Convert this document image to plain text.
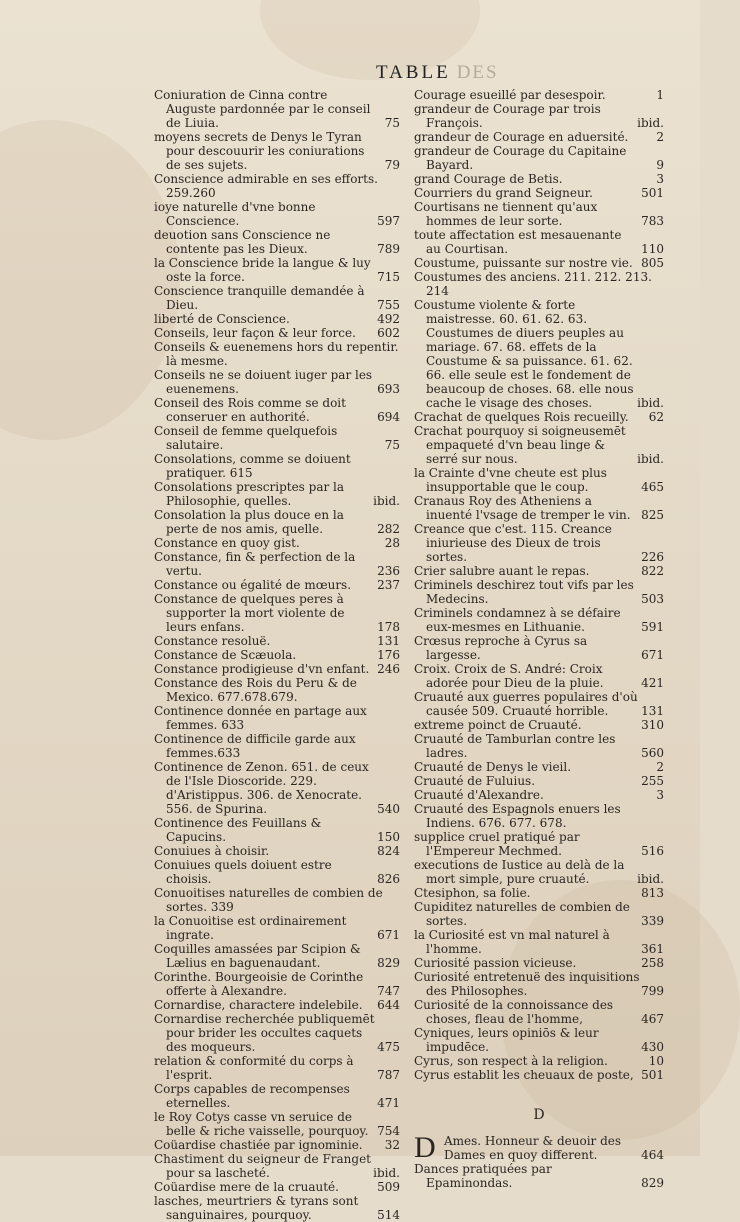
TABLE DES
Coniuration de Cinna contre Auguste pardonnée par le conseil de Liuia.	75
moyens secrets de Denys le Tyran pour descouurir les coniurations de ses sujets.	79
Conscience admirable en ses efforts. 259.260
ioye naturelle d'vne bonne Conscience.	597
deuotion sans Conscience ne contente pas les Dieux.	789
la Conscience bride la langue & luy oste la force.	715
Conscience tranquille demandée à Dieu.	755
liberté de Conscience.	492
Conseils, leur façon & leur force. 602
Conseils & euenemens hors du repentir. là mesme.
Conseils ne se doiuent iuger par les euenemens.	693
Conseil des Rois comme se doit conseruer en authorité.	694
Conseil de femme quelquefois salutaire.	75
Consolations, comme se doiuent pratiquer. 615
Consolations prescriptes par la Philosophie, quelles.	ibid.
Consolation la plus douce en la perte de nos amis, quelle.	282
Constance en quoy gist.	28
Constance, fin & perfection de la vertu.	236
Constance ou égalité de mœurs. 237
Constance de quelques peres à supporter la mort violente de leurs enfans.	178
Constance resoluë.	131
Constance de Scæuola.	176
Constance prodigieuse d'vn enfant. 246
Constance des Rois du Peru & de Mexico. 677.678.679.
Continence donnée en partage aux femmes. 633
Continence de difficile garde aux femmes.633
Continence de Zenon. 651. de ceux de l'Isle Dioscoride. 229. d'Aristippus. 306. de Xenocrate. 556. de Spurina.	540
Continence des Feuillans & Capucins.	150
Conuiues à choisir.	824
Conuiues quels doiuent estre choisis.	826
Conuoitises naturelles de combien de sortes. 339
la Conuoitise est ordinairement ingrate.	671
Coquilles amassées par Scipion & Lælius en baguenaudant.	829
Corinthe. Bourgeoisie de Corinthe offerte à Alexandre.	747
Cornardise, charactere indelebile. 644
Cornardise recherchée publiquemēt pour brider les occultes caquets des moqueurs.	475
relation & conformité du corps à l'esprit.	787
Corps capables de recompenses eternelles.	471
le Roy Cotys casse vn seruice de belle & riche vaisselle, pourquoy. 754
Coüardise chastiée par ignominie. 32
Chastiment du seigneur de Franget pour sa lascheté.	ibid.
Coüardise mere de la cruauté.	509
lasches, meurtriers & tyrans sont sanguinaires, pourquoy.	514
Courage esueillé par desespoir.	1
grandeur de Courage par trois François.	ibid.
grandeur de Courage en aduersité. 2
grandeur de Courage du Capitaine Bayard.	9
grand Courage de Betis.	3
Courriers du grand Seigneur.	501
Courtisans ne tiennent qu'aux hommes de leur sorte.	783
toute affectation est mesauenante au Courtisan.	110
Coustume, puissante sur nostre vie. 805
Coustumes des anciens. 211. 212. 213. 214
Coustume violente & forte maistresse. 60. 61. 62. 63. Coustumes de diuers peuples au mariage. 67. 68. effets de la Coustume & sa puissance. 61. 62. 66. elle seule est le fondement de beaucoup de choses. 68. elle nous cache le visage des choses.	ibid.
Crachat de quelques Rois recueilly. 62
Crachat pourquoy si soigneusemēt empaqueté d'vn beau linge & serré sur nous.	ibid.
la Crainte d'vne cheute est plus insupportable que le coup.	465
Cranaus Roy des Atheniens a inuenté l'vsage de tremper le vin. 825
Creance que c'est. 115. Creance iniurieuse des Dieux de trois sortes.	226
Crier salubre auant le repas.	822
Criminels deschirez tout vifs par les Medecins.	503
Criminels condamnez à se défaire eux-mesmes en Lithuanie.	591
Crœsus reproche à Cyrus sa largesse.	671
Croix. Croix de S. André: Croix adorée pour Dieu de la pluie.	421
Cruauté aux guerres populaires d'où causée 509. Cruauté horrible.	131
extreme poinct de Cruauté.	310
Cruauté de Tamburlan contre les ladres.	560
Cruauté de Denys le vieil.	2
Cruauté de Fuluius.	255
Cruauté d'Alexandre.	3
Cruauté des Espagnols enuers les Indiens. 676. 677. 678.
supplice cruel pratiqué par l'Empereur Mechmed.	516
executions de Iustice au delà de la mort simple, pure cruauté.	ibid.
Ctesiphon, sa folie.	813
Cupiditez naturelles de combien de sortes.	339
la Curiosité est vn mal naturel à l'homme.	361
Curiosité passion vicieuse.	258
Curiosité entretenuë des inquisitions des Philosophes.	799
Curiosité de la connoissance des choses, fleau de l'homme,	467
Cyniques, leurs opiniōs & leur impudēce.	430
Cyrus, son respect à la religion.	10
Cyrus establit les cheuaux de poste, 501
D
D Ames. Honneur & deuoir des Dames en quoy different.	464
Dances pratiquées par Epaminondas.	829
